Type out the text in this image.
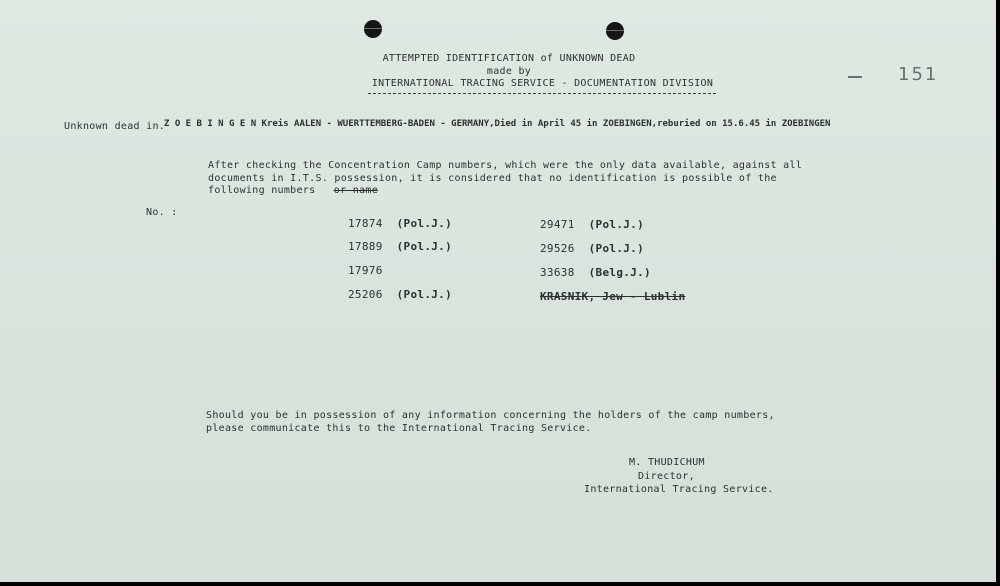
ATTEMPTED IDENTIFICATION of UNKNOWN DEAD
made by
INTERNATIONAL TRACING SERVICE - DOCUMENTATION DIVISION	151
Unknown dead in.
Z O E B I N G E N Kreis AALEN - WUERTTEMBERG-BADEN - GERMANY,Died in April 45 in ZOEBINGEN,reburied on 15.6.45 in ZOEBINGEN
After checking the Concentration Camp numbers, which were the only data available, against all
documents in I.T.S. possession, it is considered that no identification is possible of the
following numbers or name
No. :
17874 (Pol.J.)
17889 (Pol.J.)
17976
25206 (Pol.J.)
29471 (Pol.J.)
29526 (Pol.J.)
33638 (Belg.J.)
KRASNIK, Jew - Lublin
Should you be in possession of any information concerning the holders of the camp numbers,
please communicate this to the International Tracing Service.
M. THUDICHUM
Director,
International Tracing Service.
